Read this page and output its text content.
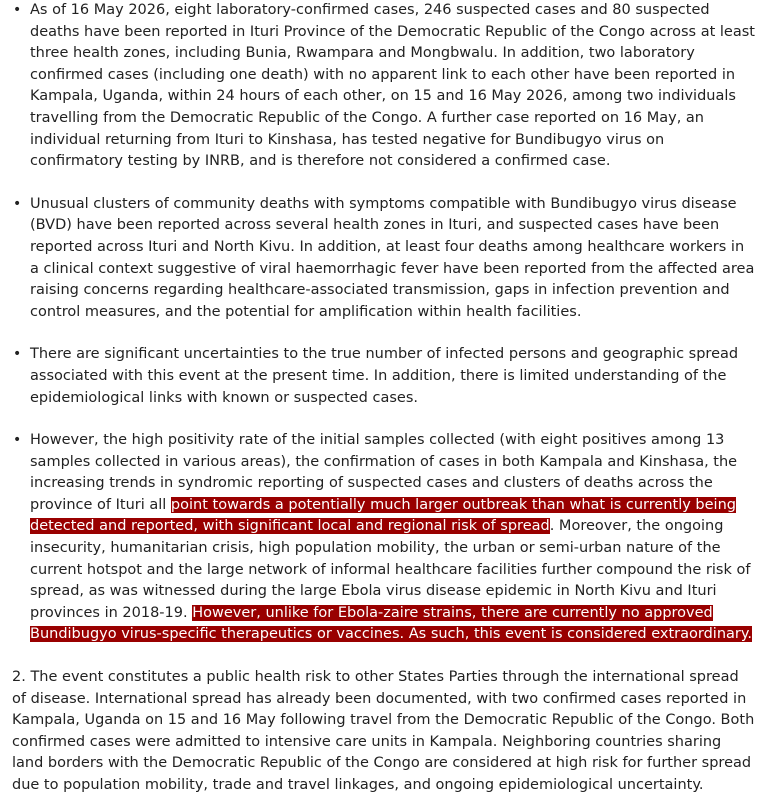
• As of 16 May 2026, eight laboratory-confirmed cases, 246 suspected cases and 80 suspected deaths have been reported in Ituri Province of the Democratic Republic of the Congo across at least three health zones, including Bunia, Rwampara and Mongbwalu. In addition, two laboratory confirmed cases (including one death) with no apparent link to each other have been reported in Kampala, Uganda, within 24 hours of each other, on 15 and 16 May 2026, among two individuals travelling from the Democratic Republic of the Congo. A further case reported on 16 May, an individual returning from Ituri to Kinshasa, has tested negative for Bundibugyo virus on confirmatory testing by INRB, and is therefore not considered a confirmed case.
• Unusual clusters of community deaths with symptoms compatible with Bundibugyo virus disease (BVD) have been reported across several health zones in Ituri, and suspected cases have been reported across Ituri and North Kivu. In addition, at least four deaths among healthcare workers in a clinical context suggestive of viral haemorrhagic fever have been reported from the affected area raising concerns regarding healthcare-associated transmission, gaps in infection prevention and control measures, and the potential for amplification within health facilities.
• There are significant uncertainties to the true number of infected persons and geographic spread associated with this event at the present time. In addition, there is limited understanding of the epidemiological links with known or suspected cases.
• However, the high positivity rate of the initial samples collected (with eight positives among 13 samples collected in various areas), the confirmation of cases in both Kampala and Kinshasa, the increasing trends in syndromic reporting of suspected cases and clusters of deaths across the province of Ituri all point towards a potentially much larger outbreak than what is currently being detected and reported, with significant local and regional risk of spread. Moreover, the ongoing insecurity, humanitarian crisis, high population mobility, the urban or semi-urban nature of the current hotspot and the large network of informal healthcare facilities further compound the risk of spread, as was witnessed during the large Ebola virus disease epidemic in North Kivu and Ituri provinces in 2018-19. However, unlike for Ebola-zaire strains, there are currently no approved Bundibugyo virus-specific therapeutics or vaccines. As such, this event is considered extraordinary.

2. The event constitutes a public health risk to other States Parties through the international spread of disease. International spread has already been documented, with two confirmed cases reported in Kampala, Uganda on 15 and 16 May following travel from the Democratic Republic of the Congo. Both confirmed cases were admitted to intensive care units in Kampala. Neighboring countries sharing land borders with the Democratic Republic of the Congo are considered at high risk for further spread due to population mobility, trade and travel linkages, and ongoing epidemiological uncertainty.
